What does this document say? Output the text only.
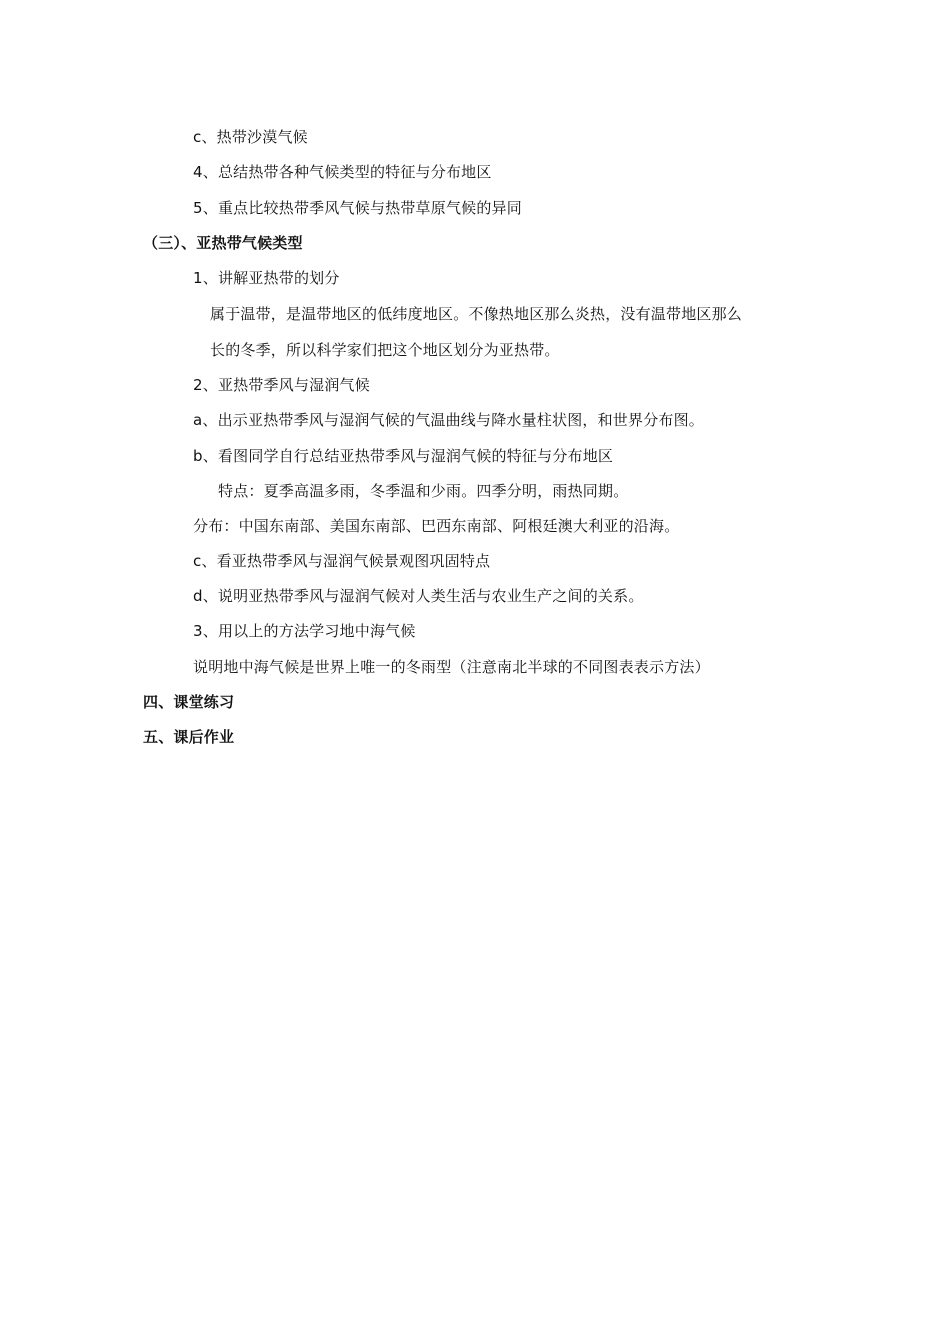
c、热带沙漠气候
4、总结热带各种气候类型的特征与分布地区
5、重点比较热带季风气候与热带草原气候的异同
（三）、亚热带气候类型
1、讲解亚热带的划分
属于温带，是温带地区的低纬度地区。不像热地区那么炎热，没有温带地区那么
长的冬季，所以科学家们把这个地区划分为亚热带。
2、亚热带季风与湿润气候
a、出示亚热带季风与湿润气候的气温曲线与降水量柱状图，和世界分布图。
b、看图同学自行总结亚热带季风与湿润气候的特征与分布地区
特点：夏季高温多雨，冬季温和少雨。四季分明，雨热同期。
分布：中国东南部、美国东南部、巴西东南部、阿根廷澳大利亚的沿海。
c、看亚热带季风与湿润气候景观图巩固特点
d、说明亚热带季风与湿润气候对人类生活与农业生产之间的关系。
3、用以上的方法学习地中海气候
说明地中海气候是世界上唯一的冬雨型（注意南北半球的不同图表表示方法）
四、课堂练习
五、课后作业
